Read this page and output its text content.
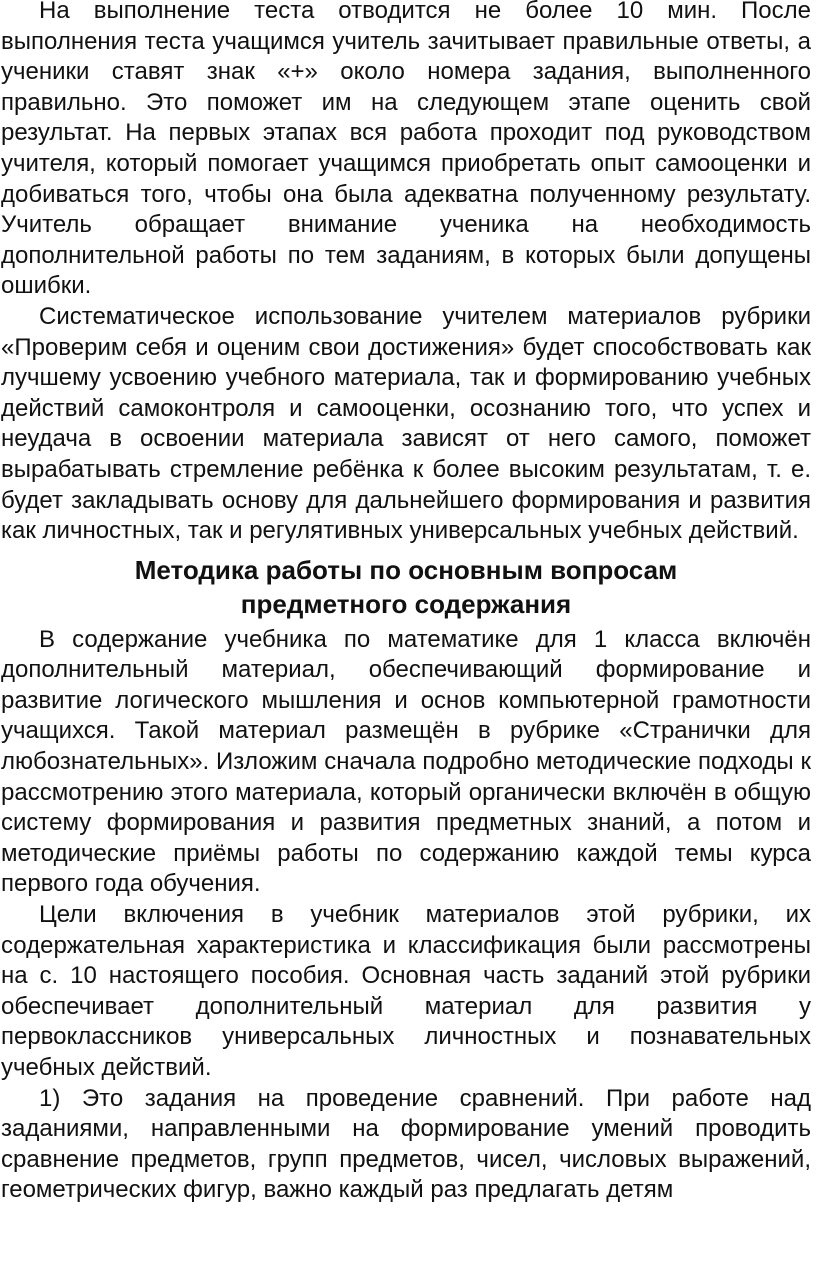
На выполнение теста отводится не более 10 мин. После выполнения теста учащимся учитель зачитывает правильные ответы, а ученики ставят знак «+» около номера задания, выполненного правильно. Это поможет им на следующем этапе оценить свой результат. На первых этапах вся работа проходит под руководством учителя, который помогает учащимся приобретать опыт самооценки и добиваться того, чтобы она была адекватна полученному результату. Учитель обращает внимание ученика на необходимость дополнительной работы по тем заданиям, в которых были допущены ошибки.

Систематическое использование учителем материалов рубрики «Проверим себя и оценим свои достижения» будет способствовать как лучшему усвоению учебного материала, так и формированию учебных действий самоконтроля и самооценки, осознанию того, что успех и неудача в освоении материала зависят от него самого, поможет вырабатывать стремление ребёнка к более высоким результатам, т. е. будет закладывать основу для дальнейшего формирования и развития как личностных, так и регулятивных универсальных учебных действий.

Методика работы по основным вопросам
предметного содержания

В содержание учебника по математике для 1 класса включён дополнительный материал, обеспечивающий формирование и развитие логического мышления и основ компьютерной грамотности учащихся. Такой материал размещён в рубрике «Странички для любознательных». Изложим сначала подробно методические подходы к рассмотрению этого материала, который органически включён в общую систему формирования и развития предметных знаний, а потом и методические приёмы работы по содержанию каждой темы курса первого года обучения.

Цели включения в учебник материалов этой рубрики, их содержательная характеристика и классификация были рассмотрены на с. 10 настоящего пособия. Основная часть заданий этой рубрики обеспечивает дополнительный материал для развития у первоклассников универсальных личностных и познавательных учебных действий.

1) Это задания на проведение сравнений. При работе над заданиями, направленными на формирование умений проводить сравнение предметов, групп предметов, чисел, числовых выражений, геометрических фигур, важно каждый раз предлагать детям
